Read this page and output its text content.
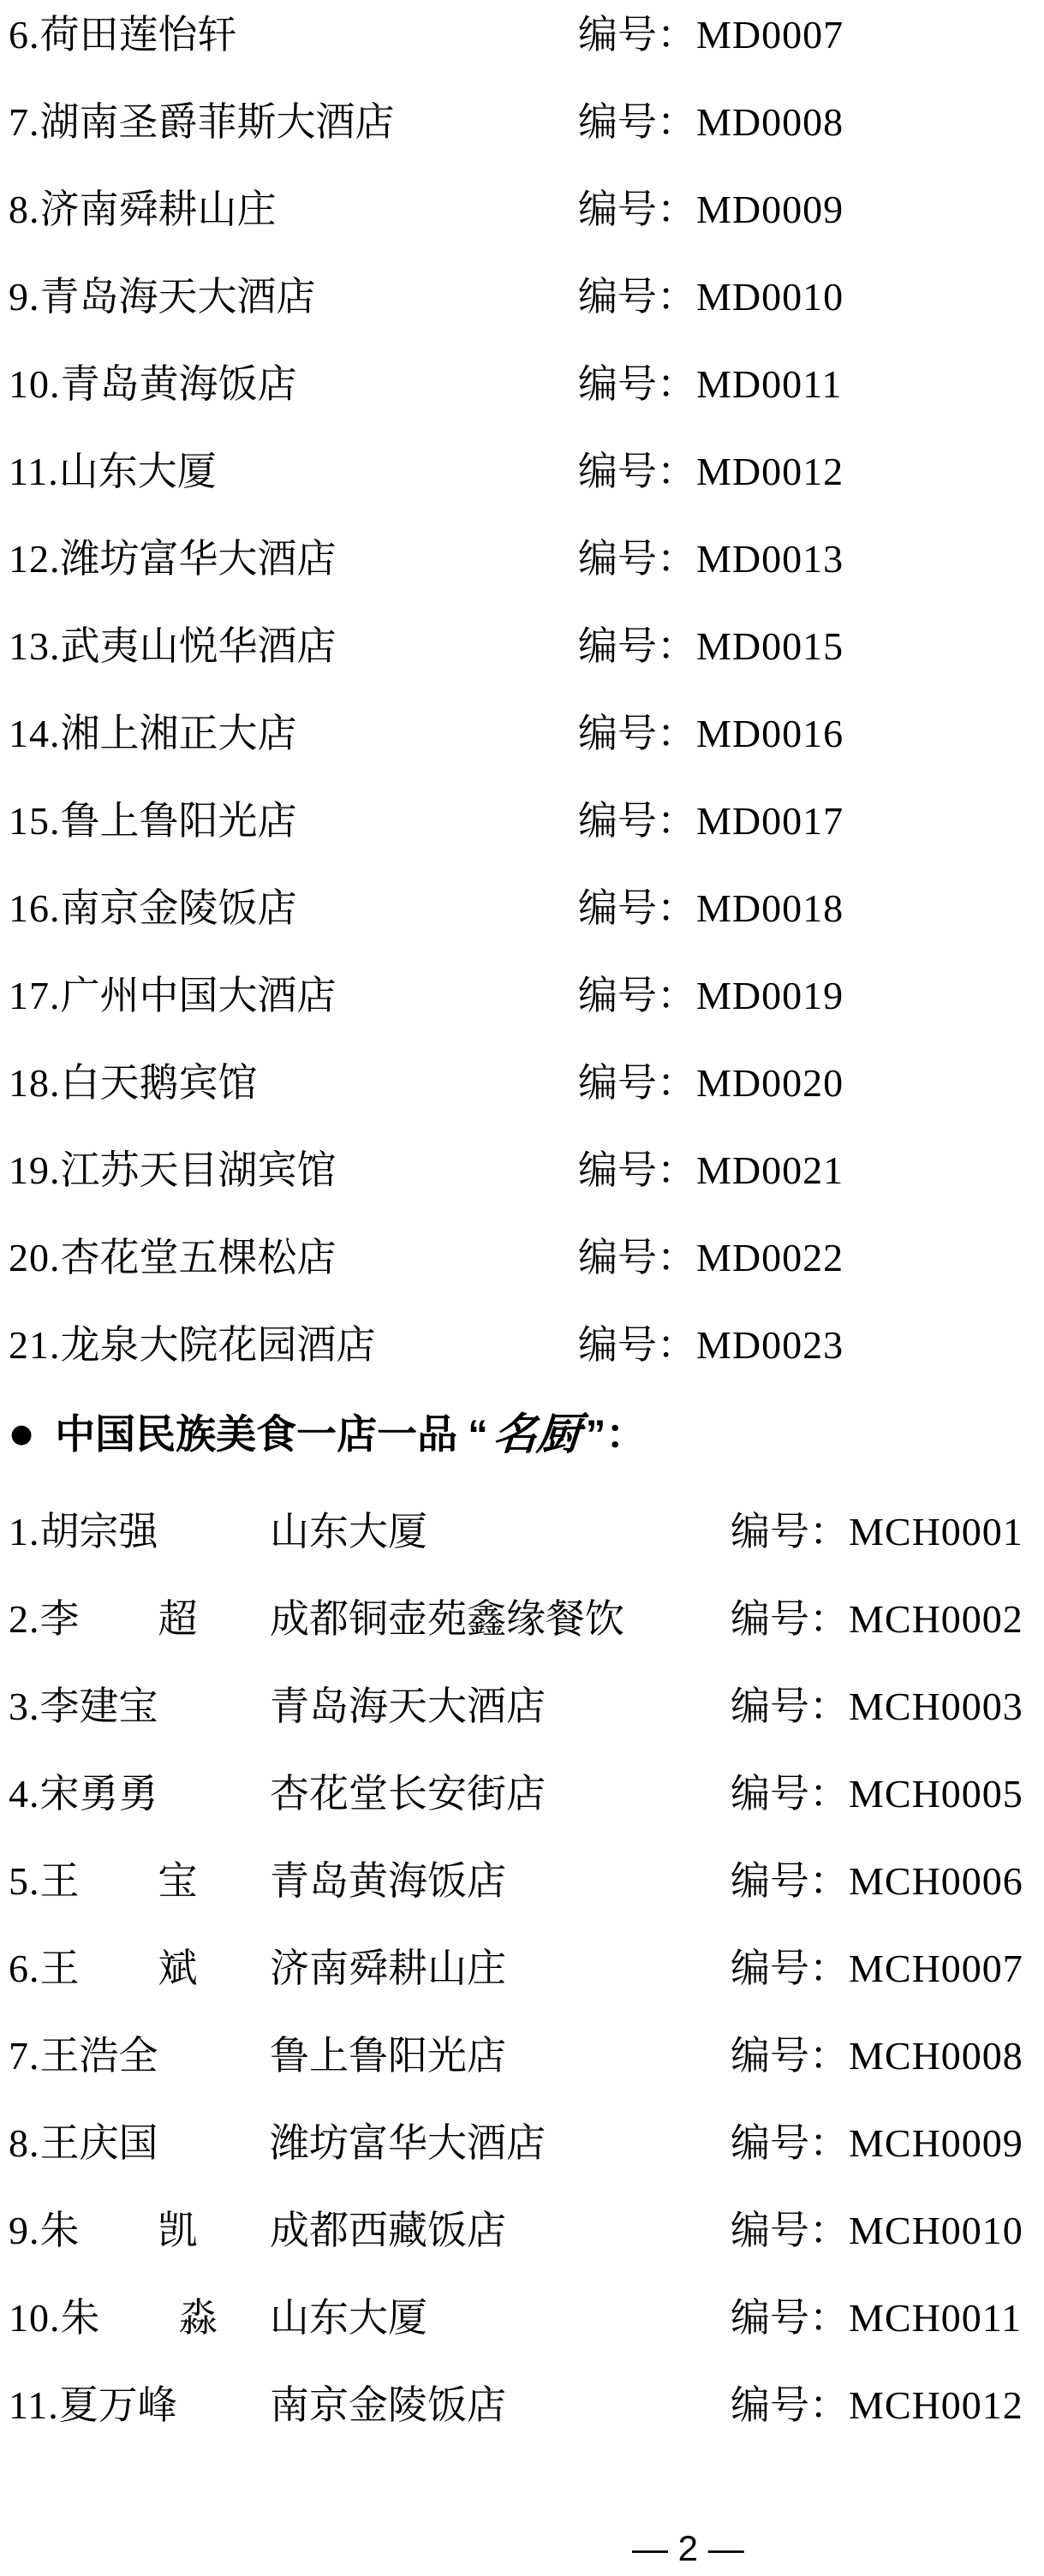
6.荷田莲怡轩	编号：MD0007
7.湖南圣爵菲斯大酒店	编号：MD0008
8.济南舜耕山庄	编号：MD0009
9.青岛海天大酒店	编号：MD0010
10.青岛黄海饭店	编号：MD0011
11.山东大厦	编号：MD0012
12.潍坊富华大酒店	编号：MD0013
13.武夷山悦华酒店	编号：MD0015
14.湘上湘正大店	编号：MD0016
15.鲁上鲁阳光店	编号：MD0017
16.南京金陵饭店	编号：MD0018
17.广州中国大酒店	编号：MD0019
18.白天鹅宾馆	编号：MD0020
19.江苏天目湖宾馆	编号：MD0021
20.杏花堂五棵松店	编号：MD0022
21.龙泉大院花园酒店	编号：MD0023
● 中国民族美食一店一品 “ 名厨 ” ：
1.胡宗强	山东大厦	编号：MCH0001
2.李　　超 成都铜壶苑鑫缘餐饮	编号：MCH0002
3.李建宝	青岛海天大酒店	编号：MCH0003
4.宋勇勇	杏花堂长安街店	编号：MCH0005
5.王　　宝 青岛黄海饭店	编号：MCH0006
6.王　　斌 济南舜耕山庄	编号：MCH0007
7.王浩全	鲁上鲁阳光店	编号：MCH0008
8.王庆国	潍坊富华大酒店	编号：MCH0009
9.朱　　凯 成都西藏饭店	编号：MCH0010
10.朱　　淼 山东大厦	编号：MCH0011
11.夏万峰 南京金陵饭店	编号：MCH0012
— 2 —
